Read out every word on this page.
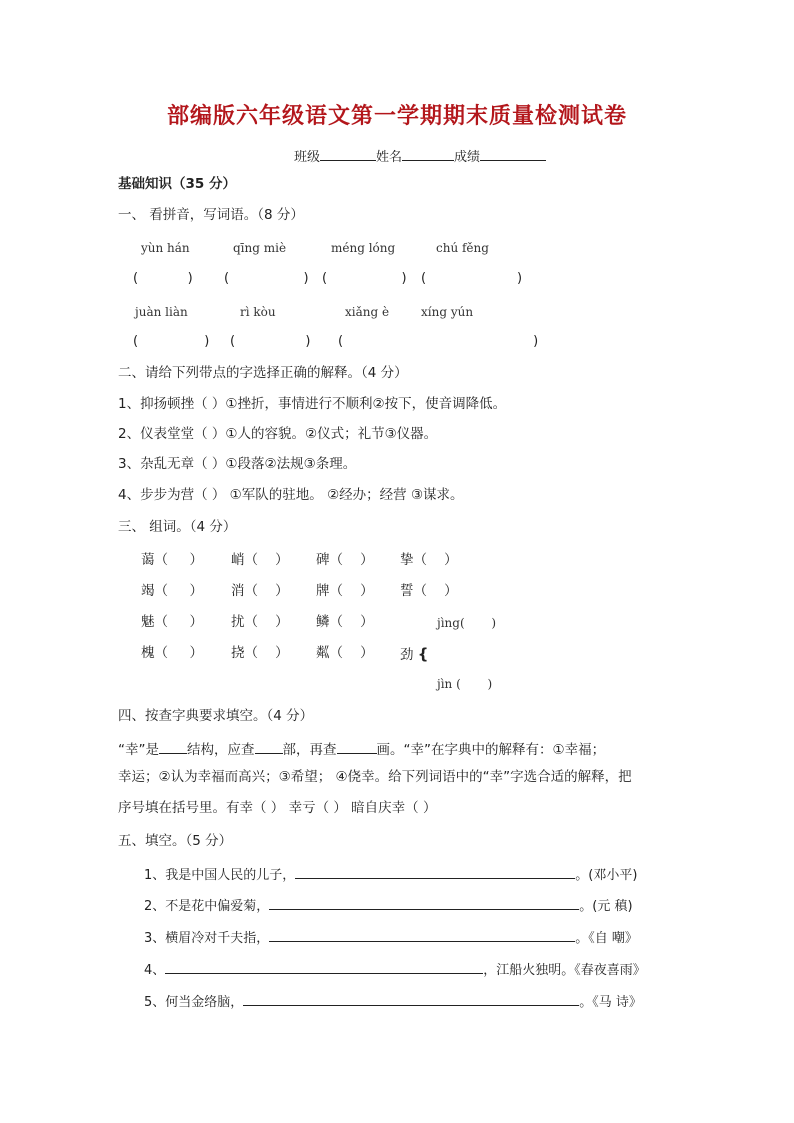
部编版六年级语文第一学期期末质量检测试卷
班级	姓名	成绩
基础知识（35 分）
一、 看拼音，写词语。（8 分）
yùn hán	qīng miè	méng lóng	chú fěng
(            ) (                  ) (                  ) (                      )
juàn liàn	rì kòu	xiǎng è	xíng yún
(                ) (                 ) (                                              )
二、请给下列带点的字选择正确的解释。（4 分）
1、抑扬顿挫（ ）①挫折，事情进行不顺利②按下，使音调降低。
2、仪表堂堂（ ）①人的容貌。②仪式；礼节③仪器。
3、杂乱无章（ ）①段落②法规③条理。
4、步步为营（ ） ①军队的驻地。 ②经办；经营 ③谋求。
三、 组词。（4 分）
蔼（     ） 峭（    ） 碑（    ） 挚（    ）
竭（     ） 消（    ） 牌（    ） 誓（    ）
魅（     ） 扰（    ） 鳞（    ）	jìng(       )
槐（     ） 挠（    ） 粼（    ） 劲 {
jìn (       )
四、按查字典要求填空。（4 分）
“幸”是 结构，应查 部，再查	画。“幸”在字典中的解释有：①幸福；
幸运；②认为幸福而高兴；③希望； ④侥幸。给下列词语中的“幸”字选合适的解释，把
序号填在括号里。有幸（ ） 幸亏（ ） 暗自庆幸（ ）
五、填空。（5 分）
1、我是中国人民的儿子，	。(邓小平)
2、不是花中偏爱菊，	。(元 稹)
3、横眉冷对千夫指，	。《自 嘲》
4、	，江船火独明。《春夜喜雨》
5、何当金络脑，	。《马 诗》
